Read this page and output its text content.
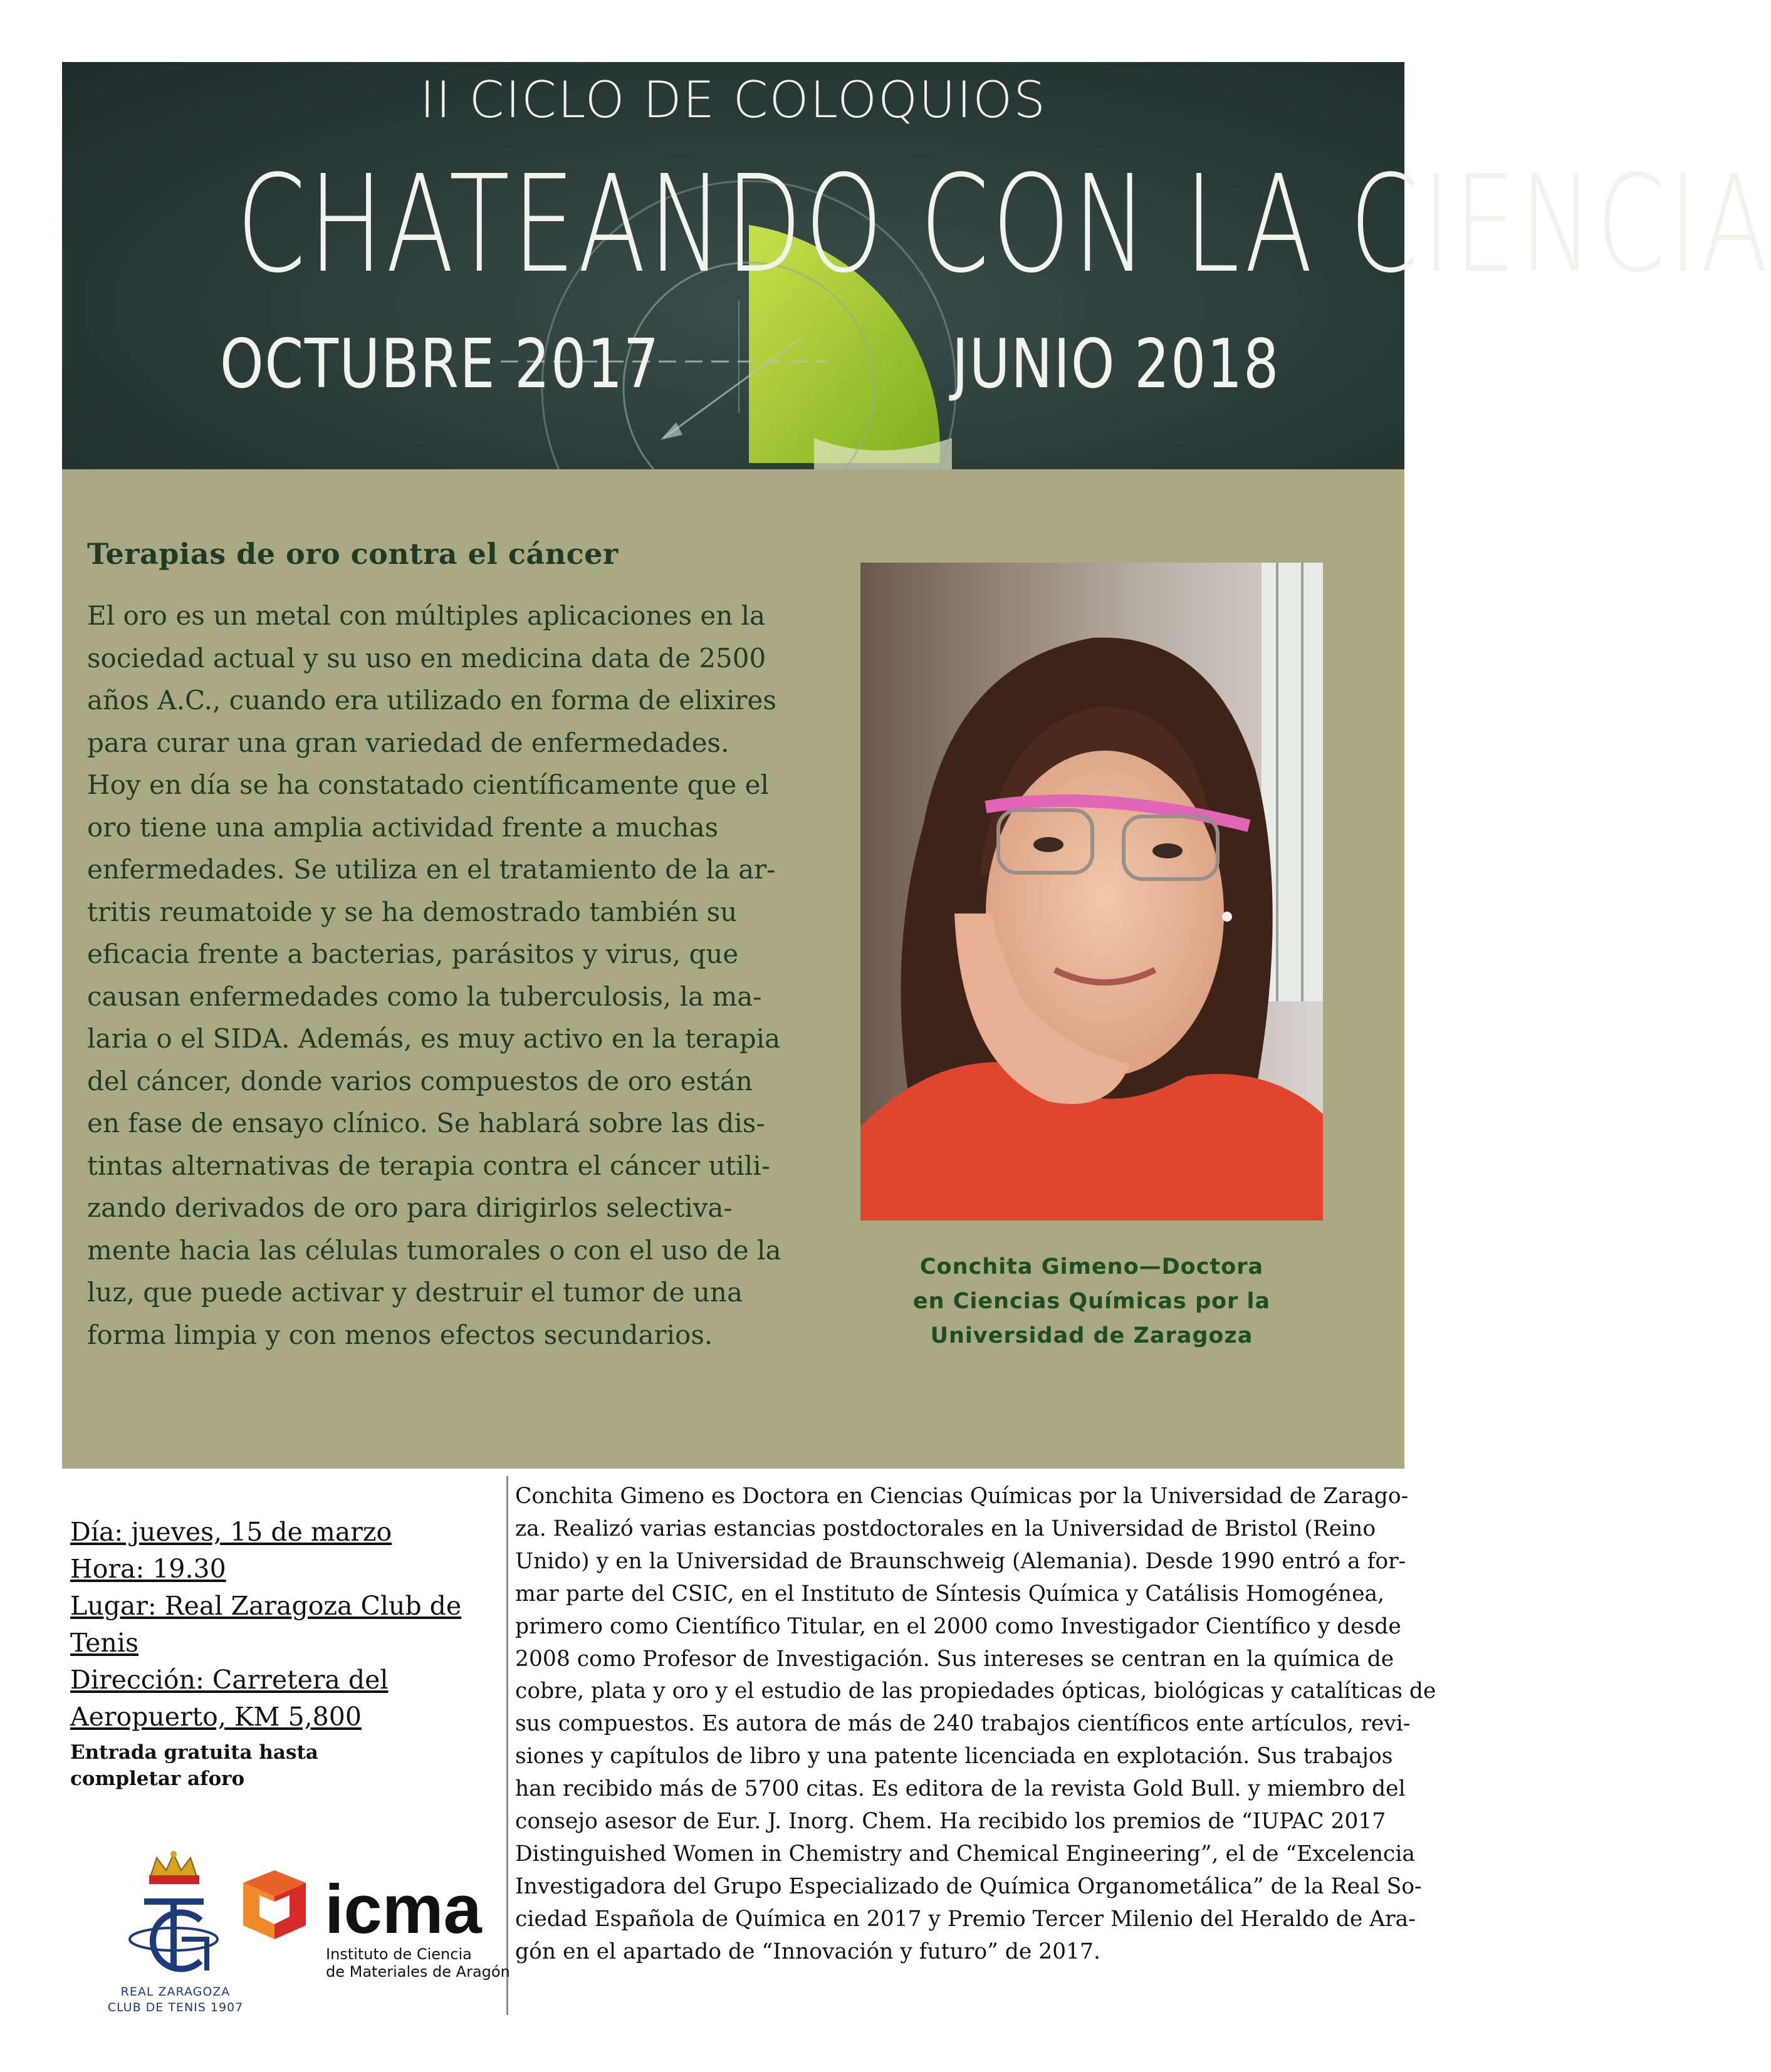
II CICLO DE COLOQUIOS
CHATEANDO CON LA CIENCIA
OCTUBRE 2017	JUNIO 2018
Terapias de oro contra el cáncer
El oro es un metal con múltiples aplicaciones en la
sociedad actual y su uso en medicina data de 2500
años A.C., cuando era utilizado en forma de elixires
para curar una gran variedad de enfermedades.
Hoy en día se ha constatado científicamente que el
oro tiene una amplia actividad frente a muchas
enfermedades. Se utiliza en el tratamiento de la ar-
tritis reumatoide y se ha demostrado también su
eficacia frente a bacterias, parásitos y virus, que
causan enfermedades como la tuberculosis, la ma-
laria o el SIDA. Además, es muy activo en la terapia
del cáncer, donde varios compuestos de oro están
en fase de ensayo clínico. Se hablará sobre las dis-
tintas alternativas de terapia contra el cáncer utili-
zando derivados de oro para dirigirlos selectiva-
mente hacia las células tumorales o con el uso de la
luz, que puede activar y destruir el tumor de una
forma limpia y con menos efectos secundarios.
Conchita Gimeno—Doctora
en Ciencias Químicas por la
Universidad de Zaragoza
Día: jueves, 15 de marzo
Hora: 19.30
Lugar: Real Zaragoza Club de
Tenis
Dirección: Carretera del
Aeropuerto, KM 5,800
Entrada gratuita hasta
completar aforo
Conchita Gimeno es Doctora en Ciencias Químicas por la Universidad de Zarago-
za. Realizó varias estancias postdoctorales en la Universidad de Bristol (Reino
Unido) y en la Universidad de Braunschweig (Alemania). Desde 1990 entró a for-
mar parte del CSIC, en el Instituto de Síntesis Química y Catálisis Homogénea,
primero como Científico Titular, en el 2000 como Investigador Científico y desde
2008 como Profesor de Investigación. Sus intereses se centran en la química de
cobre, plata y oro y el estudio de las propiedades ópticas, biológicas y catalíticas de
sus compuestos. Es autora de más de 240 trabajos científicos ente artículos, revi-
siones y capítulos de libro y una patente licenciada en explotación. Sus trabajos
han recibido más de 5700 citas. Es editora de la revista Gold Bull. y miembro del
consejo asesor de Eur. J. Inorg. Chem. Ha recibido los premios de “IUPAC 2017
Distinguished Women in Chemistry and Chemical Engineering”, el de “Excelencia
Investigadora del Grupo Especializado de Química Organometálica” de la Real So-
ciedad Española de Química en 2017 y Premio Tercer Milenio del Heraldo de Ara-
gón en el apartado de “Innovación y futuro” de 2017.
REAL ZARAGOZA
CLUB DE TENIS 1907
icma
Instituto de Ciencia
de Materiales de Aragón
